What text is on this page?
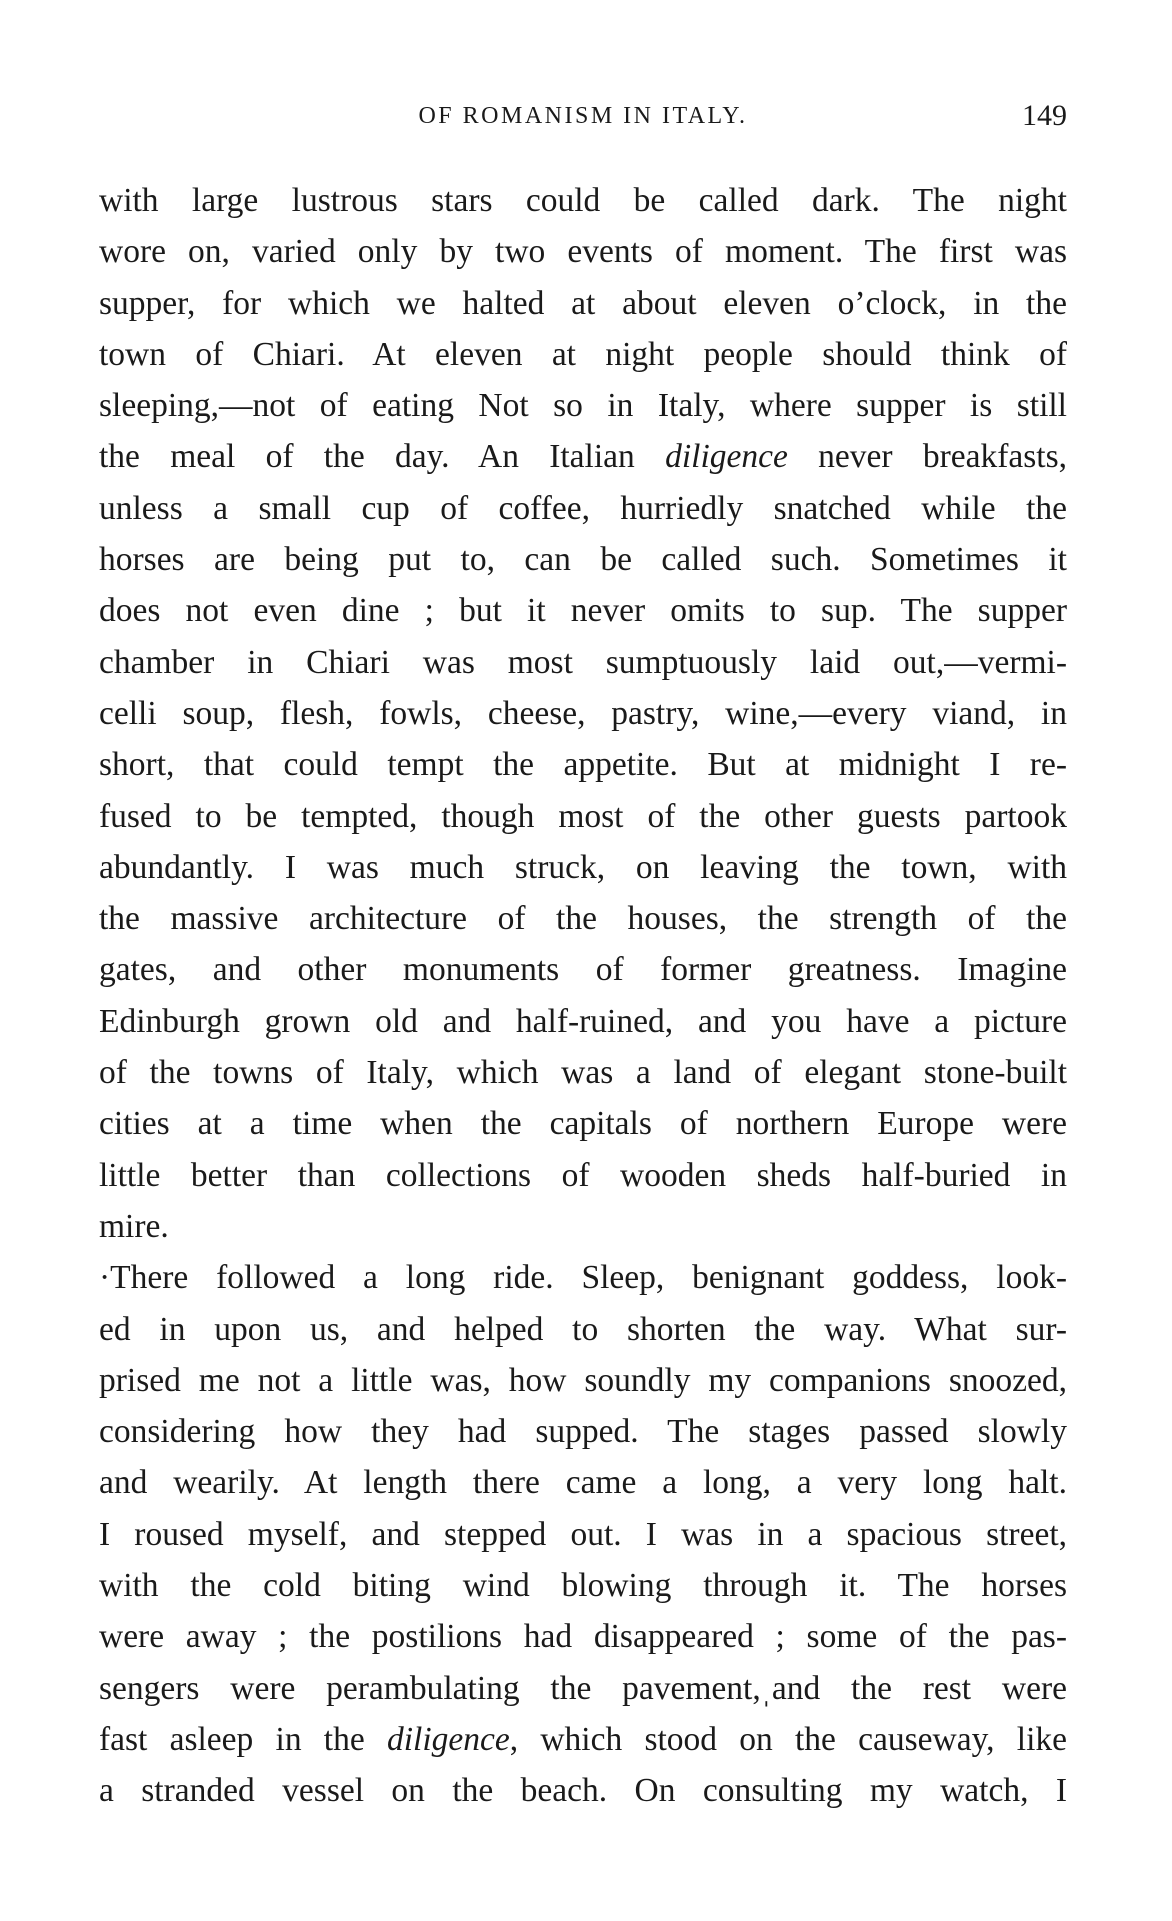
OF ROMANISM IN ITALY.	149
with large lustrous stars could be called dark. The night
wore on, varied only by two events of moment. The first was
supper, for which we halted at about eleven o’clock, in the
town of Chiari. At eleven at night people should think of
sleeping,—not of eating Not so in Italy, where supper is still
the meal of the day. An Italian diligence never breakfasts,
unless a small cup of coffee, hurriedly snatched while the
horses are being put to, can be called such. Sometimes it
does not even dine ; but it never omits to sup. The supper
chamber in Chiari was most sumptuously laid out,—vermi-
celli soup, flesh, fowls, cheese, pastry, wine,—every viand, in
short, that could tempt the appetite. But at midnight I re-
fused to be tempted, though most of the other guests partook
abundantly. I was much struck, on leaving the town, with
the massive architecture of the houses, the strength of the
gates, and other monuments of former greatness. Imagine
Edinburgh grown old and half-ruined, and you have a picture
of the towns of Italy, which was a land of elegant stone-built
cities at a time when the capitals of northern Europe were
little better than collections of wooden sheds half-buried in
mire.
·There followed a long ride. Sleep, benignant goddess, look-
ed in upon us, and helped to shorten the way. What sur-
prised me not a little was, how soundly my companions snoozed,
considering how they had supped. The stages passed slowly
and wearily. At length there came a long, a very long halt.
I roused myself, and stepped out. I was in a spacious street,
with the cold biting wind blowing through it. The horses
were away ; the postilions had disappeared ; some of the pas-
sengers were perambulating the pavement,ˌand the rest were
fast asleep in the diligence, which stood on the causeway, like
a stranded vessel on the beach. On consulting my watch, I
